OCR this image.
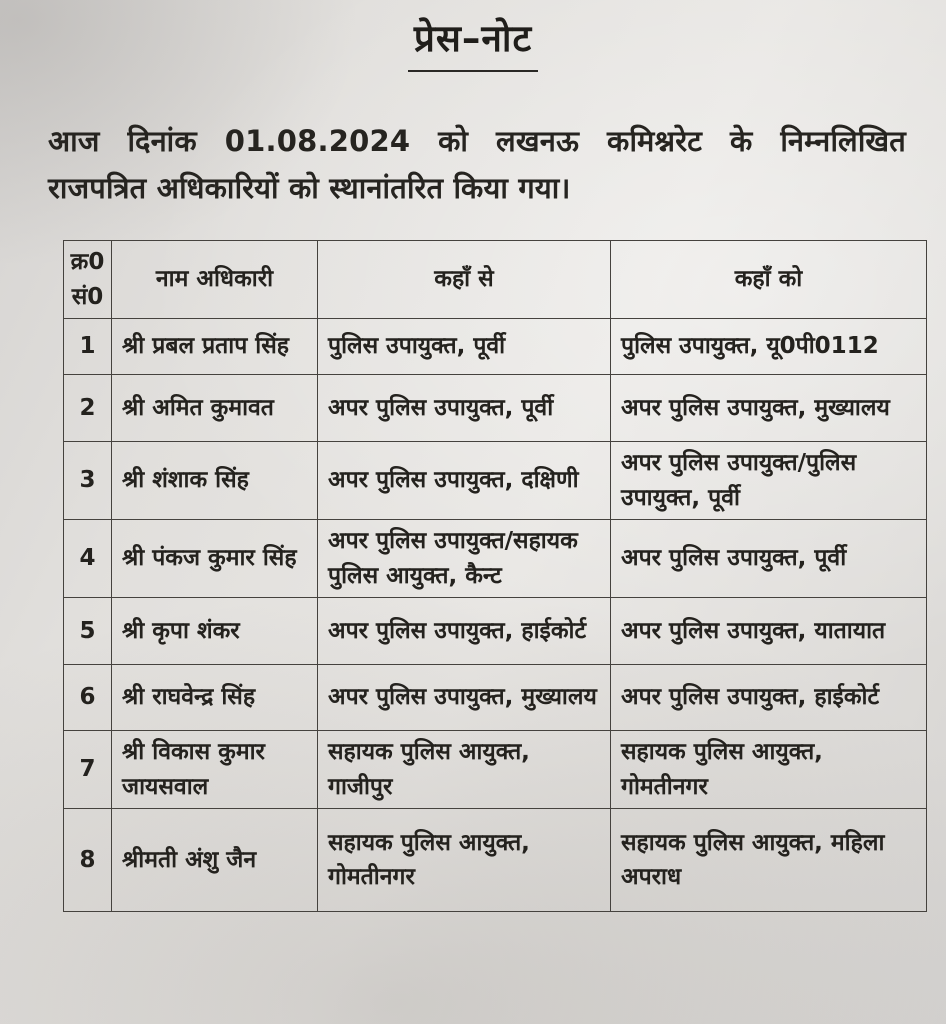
प्रेस–नोट
आज दिनांक 01.08.2024 को लखनऊ कमिश्नरेट के निम्नलिखित
राजपत्रित अधिकारियों को स्थानांतरित किया गया।
क्र0 सं0	नाम अधिकारी	कहाँ से	कहाँ को
1	श्री प्रबल प्रताप सिंह	पुलिस उपायुक्त, पूर्वी	पुलिस उपायुक्त, यू0पी0112
2	श्री अमित कुमावत	अपर पुलिस उपायुक्त, पूर्वी	अपर पुलिस उपायुक्त, मुख्यालय
3	श्री शंशाक सिंह	अपर पुलिस उपायुक्त, दक्षिणी	अपर पुलिस उपायुक्त/पुलिस उपायुक्त, पूर्वी
4	श्री पंकज कुमार सिंह	अपर पुलिस उपायुक्त/सहायक पुलिस आयुक्त, कैन्ट	अपर पुलिस उपायुक्त, पूर्वी
5	श्री कृपा शंकर	अपर पुलिस उपायुक्त, हाईकोर्ट	अपर पुलिस उपायुक्त, यातायात
6	श्री राघवेन्द्र सिंह	अपर पुलिस उपायुक्त, मुख्यालय	अपर पुलिस उपायुक्त, हाईकोर्ट
7	श्री विकास कुमार जायसवाल	सहायक पुलिस आयुक्त, गाजीपुर	सहायक पुलिस आयुक्त, गोमतीनगर
8	श्रीमती अंशु जैन	सहायक पुलिस आयुक्त, गोमतीनगर	सहायक पुलिस आयुक्त, महिला अपराध
